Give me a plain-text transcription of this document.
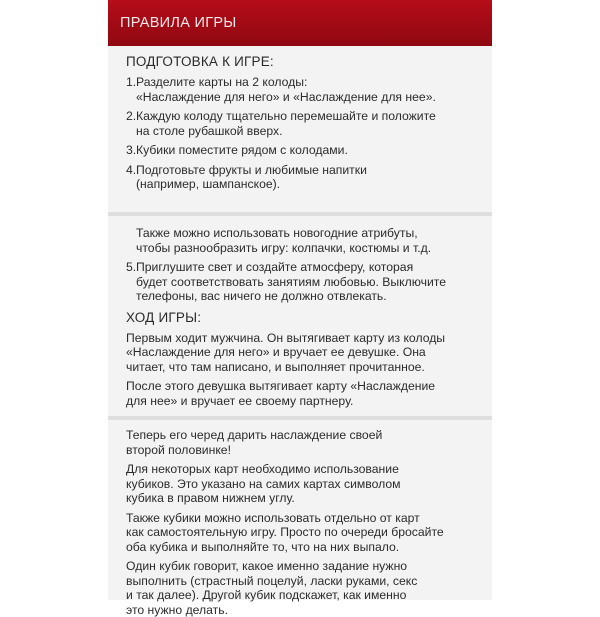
ПРАВИЛА ИГРЫ
ПОДГОТОВКА К ИГРЕ:
1. Разделите карты на 2 колоды:
«Наслаждение для него» и «Наслаждение для нее».
2. Каждую колоду тщательно перемешайте и положите
на столе рубашкой вверх.
3. Кубики поместите рядом с колодами.
4. Подготовьте фрукты и любимые напитки
(например, шампанское).
Также можно использовать новогодние атрибуты,
чтобы разнообразить игру: колпачки, костюмы и т.д.
5. Приглушите свет и создайте атмосферу, которая
будет соответствовать занятиям любовью. Выключите
телефоны, вас ничего не должно отвлекать.
ХОД ИГРЫ:
Первым ходит мужчина. Он вытягивает карту из колоды
«Наслаждение для него» и вручает ее девушке. Она
читает, что там написано, и выполняет прочитанное.
После этого девушка вытягивает карту «Наслаждение
для нее» и вручает ее своему партнеру.
Теперь его черед дарить наслаждение своей
второй половинке!
Для некоторых карт необходимо использование
кубиков. Это указано на самих картах символом
кубика в правом нижнем углу.
Также кубики можно использовать отдельно от карт
как самостоятельную игру. Просто по очереди бросайте
оба кубика и выполняйте то, что на них выпало.
Один кубик говорит, какое именно задание нужно
выполнить (страстный поцелуй, ласки руками, секс
и так далее). Другой кубик подскажет, как именно
это нужно делать.
